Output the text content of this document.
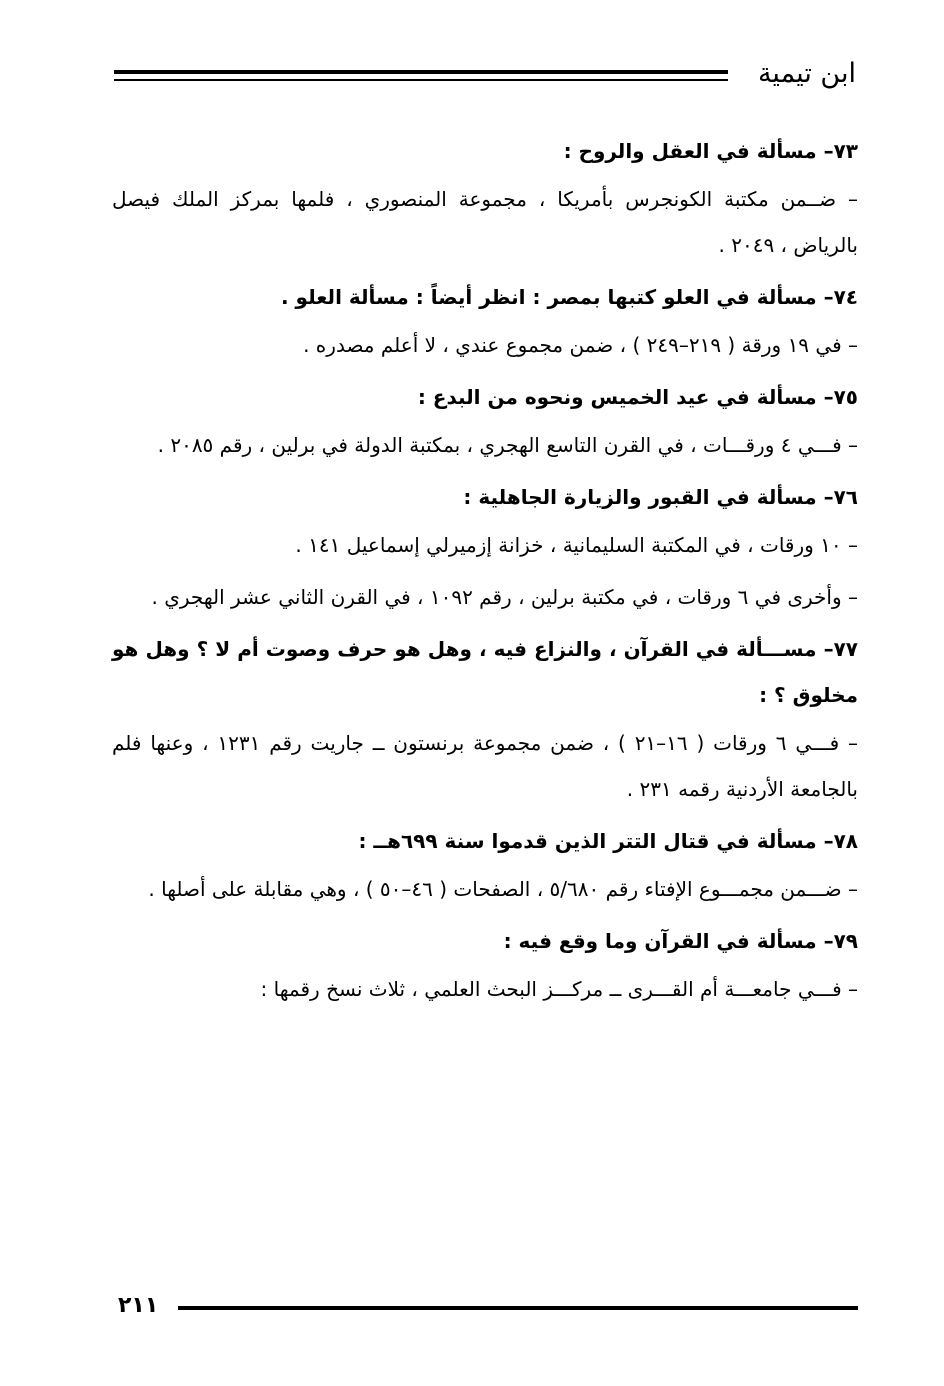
ابن تيمية

٧٣– مسألة في العقل والروح :

– ضــمن مكتبة الكونجرس بأمريكا ، مجموعة المنصوري ، فلمها بمركز الملك فيصل بالرياض ، ٢٠٤٩ .

٧٤– مسألة في العلو كتبها بمصر : انظر أيضاً : مسألة العلو .

– في ١٩ ورقة ( ٢١٩–٢٤٩ ) ، ضمن مجموع عندي ، لا أعلم مصدره .

٧٥– مسألة في عيد الخميس ونحوه من البدع :

– فـــي ٤ ورقـــات ، في القرن التاسع الهجري ، بمكتبة الدولة في برلين ، رقم ٢٠٨٥ .

٧٦– مسألة في القبور والزيارة الجاهلية :

– ١٠ ورقات ، في المكتبة السليمانية ، خزانة إزميرلي إسماعيل ١٤١ .

– وأخرى في ٦ ورقات ، في مكتبة برلين ، رقم ١٠٩٢ ، في القرن الثاني عشر الهجري .

٧٧– مســـألة في القرآن ، والنزاع فيه ، وهل هو حرف وصوت أم لا ؟ وهل هو مخلوق ؟ :

– فـــي ٦ ورقات ( ١٦–٢١ ) ، ضمن مجموعة برنستون ــ جاريت رقم ١٢٣١ ، وعنها فلم بالجامعة الأردنية رقمه ٢٣١ .

٧٨– مسألة في قتال التتر الذين قدموا سنة ٦٩٩هــ :

– ضـــمن مجمـــوع الإفتاء رقم ٥/٦٨٠ ، الصفحات ( ٤٦–٥٠ ) ، وهي مقابلة على أصلها .

٧٩– مسألة في القرآن وما وقع فيه :

– فـــي جامعـــة أم القـــرى ــ مركـــز البحث العلمي ، ثلاث نسخ رقمها :

٢١١
